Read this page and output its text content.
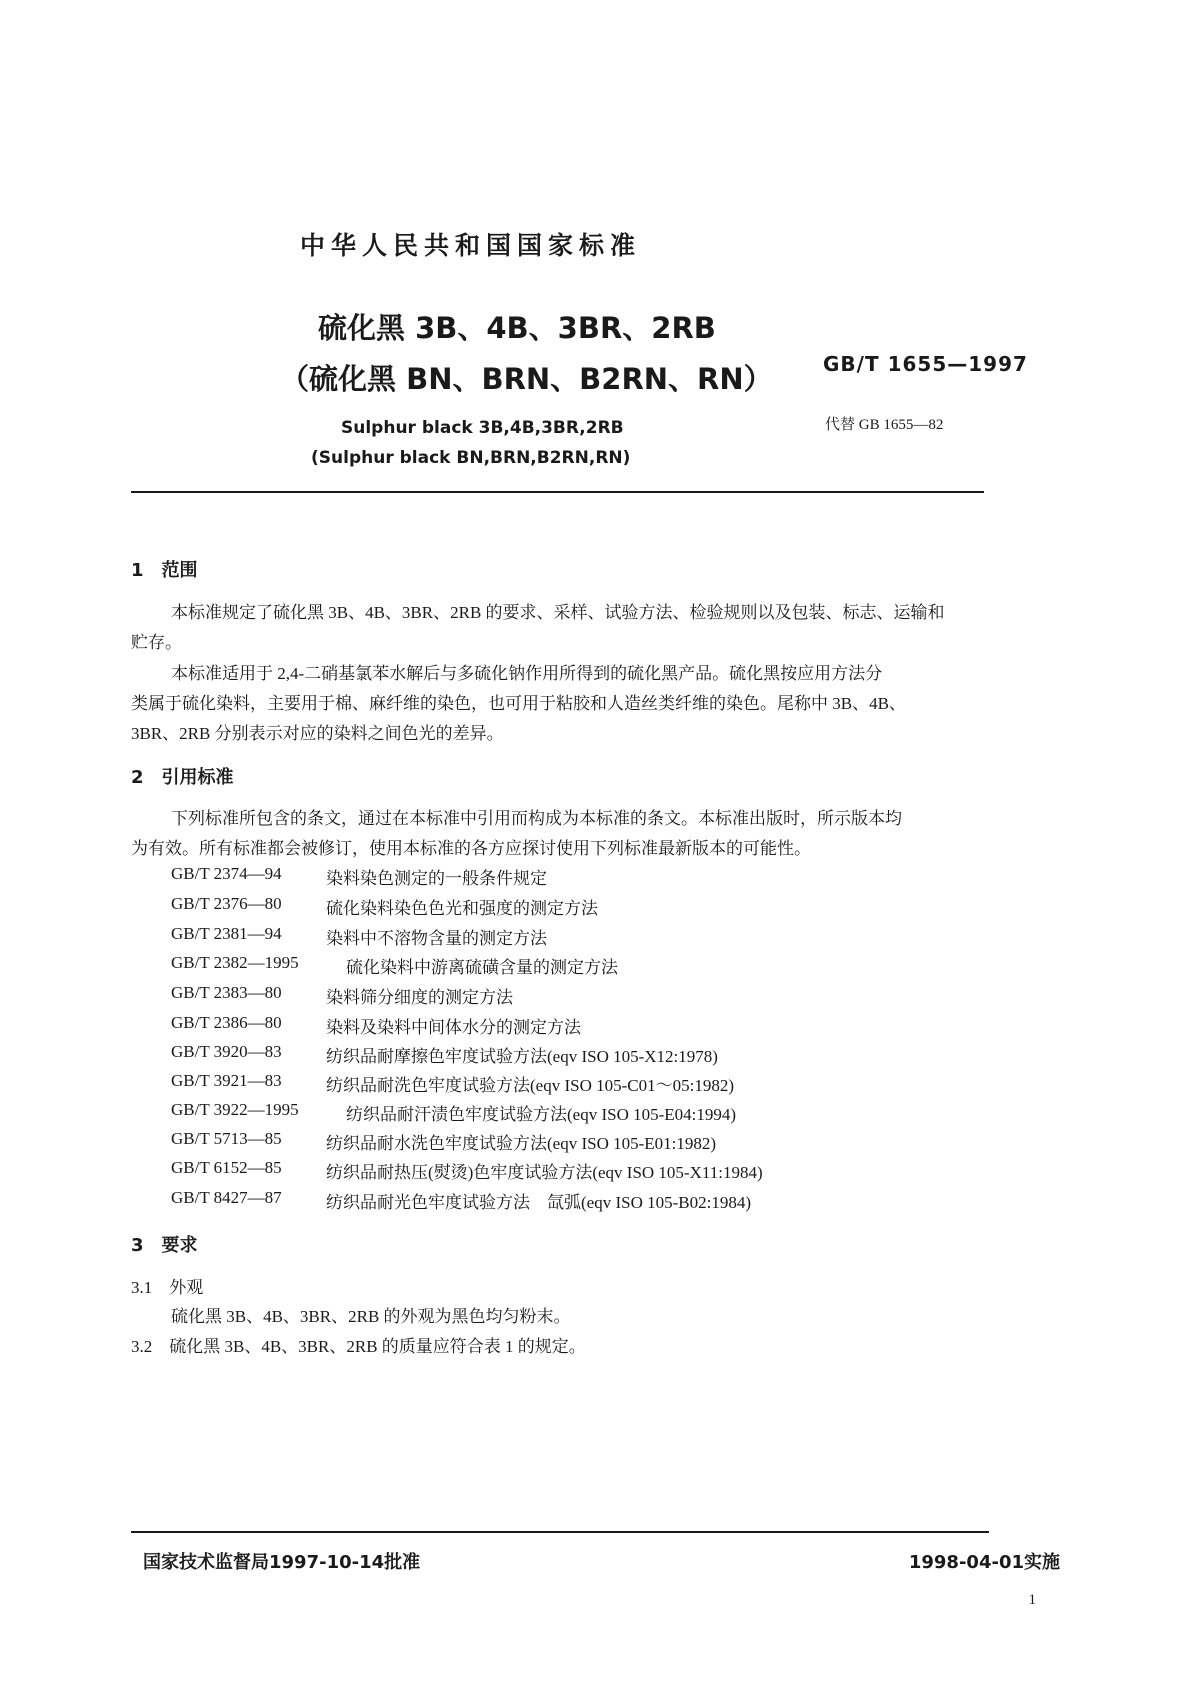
中华人民共和国国家标准
硫化黑 3B、4B、3BR、2RB
（硫化黑 BN、BRN、B2RN、RN）	GB/T 1655—1997
Sulphur black 3B,4B,3BR,2RB
(Sulphur black BN,BRN,B2RN,RN)
代替 GB 1655—82
1　范围
本标准规定了硫化黑 3B、4B、3BR、2RB 的要求、采样、试验方法、检验规则以及包装、标志、运输和
贮存。
本标准适用于 2,4-二硝基氯苯水解后与多硫化钠作用所得到的硫化黑产品。硫化黑按应用方法分
类属于硫化染料，主要用于棉、麻纤维的染色，也可用于粘胶和人造丝类纤维的染色。尾称中 3B、4B、
3BR、2RB 分别表示对应的染料之间色光的差异。
2　引用标准
下列标准所包含的条文，通过在本标准中引用而构成为本标准的条文。本标准出版时，所示版本均
为有效。所有标准都会被修订，使用本标准的各方应探讨使用下列标准最新版本的可能性。
GB/T 2374—94	染料染色测定的一般条件规定
GB/T 2376—80	硫化染料染色色光和强度的测定方法
GB/T 2381—94	染料中不溶物含量的测定方法
GB/T 2382—1995	硫化染料中游离硫磺含量的测定方法
GB/T 2383—80	染料筛分细度的测定方法
GB/T 2386—80	染料及染料中间体水分的测定方法
GB/T 3920—83	纺织品耐摩擦色牢度试验方法(eqv ISO 105-X12:1978)
GB/T 3921—83	纺织品耐洗色牢度试验方法(eqv ISO 105-C01～05:1982)
GB/T 3922—1995	纺织品耐汗渍色牢度试验方法(eqv ISO 105-E04:1994)
GB/T 5713—85	纺织品耐水洗色牢度试验方法(eqv ISO 105-E01:1982)
GB/T 6152—85	纺织品耐热压(熨烫)色牢度试验方法(eqv ISO 105-X11:1984)
GB/T 8427—87	纺织品耐光色牢度试验方法　氙弧(eqv ISO 105-B02:1984)
3　要求
3.1　外观
硫化黑 3B、4B、3BR、2RB 的外观为黑色均匀粉末。
3.2　硫化黑 3B、4B、3BR、2RB 的质量应符合表 1 的规定。
国家技术监督局1997-10-14批准	1998-04-01实施
1
